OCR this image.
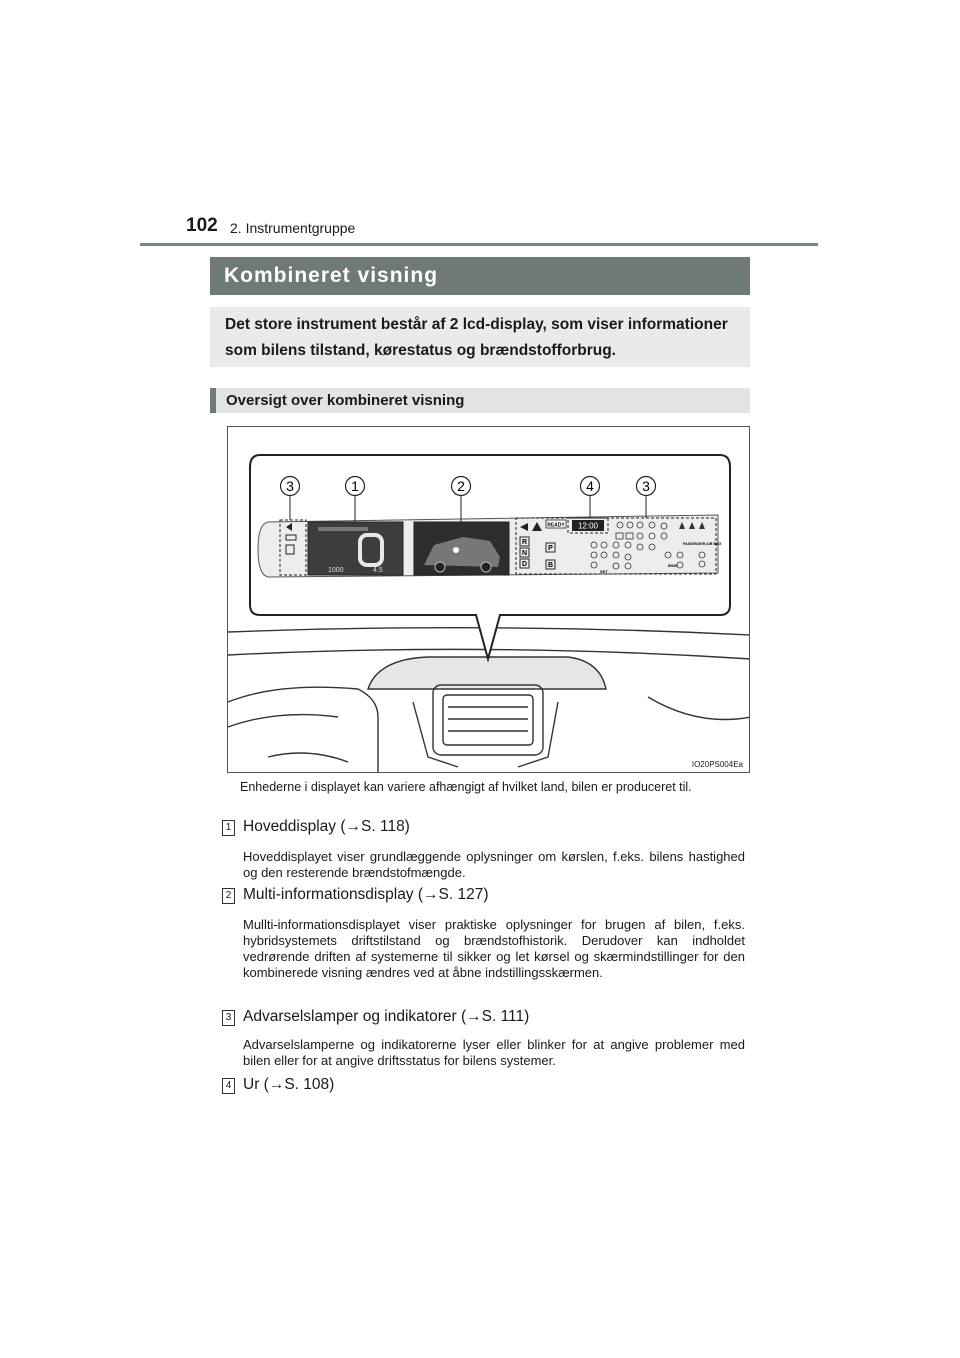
102 2. Instrumentgruppe
Kombineret visning
Det store instrument består af 2 lcd-display, som viser informationer som bilens tilstand, kørestatus og brændstofforbrug.
Oversigt over kombineret visning
1000	4.5
READY 12:00
R
N
D
P
B
PASSENGER AIR BAG
BSM
SET
3	1	2	4	3
IO20PS004Ea
Enhederne i displayet kan variere afhængigt af hvilket land, bilen er produceret til.
1 Hoveddisplay (→S. 118)
Hoveddisplayet viser grundlæggende oplysninger om kørslen, f.eks. bilens hastighed og den resterende brændstofmængde.
2 Multi-informationsdisplay (→S. 127)
Mullti-informationsdisplayet viser praktiske oplysninger for brugen af bilen, f.eks. hybridsystemets driftstilstand og brændstofhistorik. Derudover kan indholdet vedrørende driften af systemerne til sikker og let kørsel og skærmindstillinger for den kombinerede visning ændres ved at åbne indstillingsskærmen.
3 Advarselslamper og indikatorer (→S. 111)
Advarselslamperne og indikatorerne lyser eller blinker for at angive problemer med bilen eller for at angive driftsstatus for bilens systemer.
4 Ur (→S. 108)
